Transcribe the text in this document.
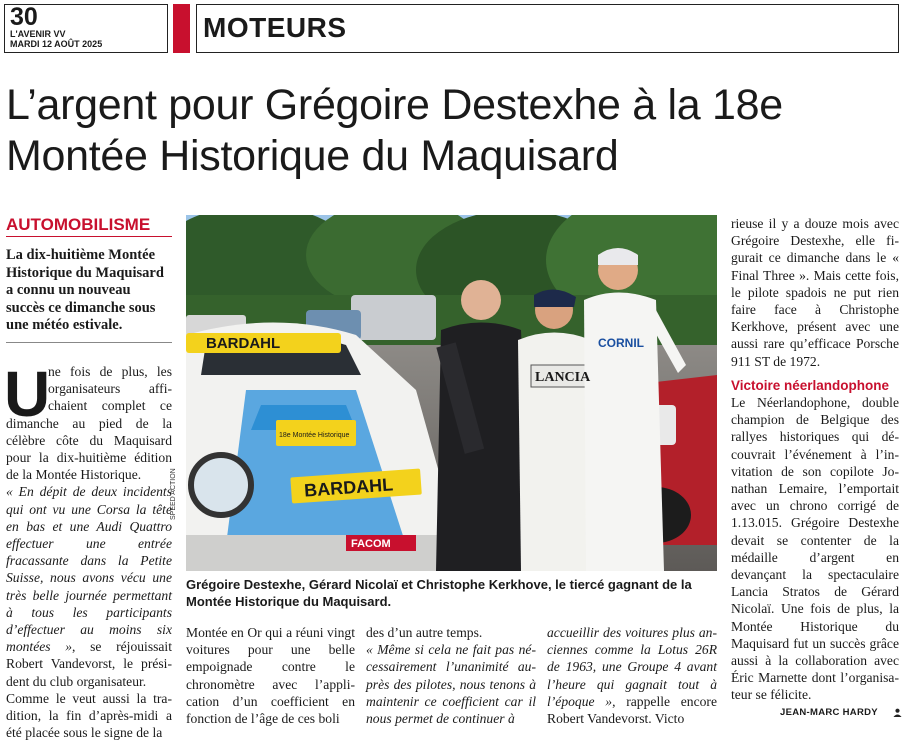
30
L'AVENIR VV
MARDI 12 AOÛT 2025
MOTEURS
L’argent pour Grégoire Destexhe à la 18e Montée Historique du Maquisard
AUTOMOBILISME

La dix-huitième Montée Historique du Maquisard a connu un nouveau succès ce dimanche sous une météo estivale.

U

ne fois de plus, les organisateurs affichaient complet ce dimanche au pied de la célèbre côte du Maquisard pour la dix-huitième édition de la Montée Historique.

« En dépit de deux incidents qui ont vu une Corsa la tête en bas et une Audi Quattro effectuer une entrée fracassante dans la Petite Suisse, nous avons vécu une très belle journée permettant à tous les participants d’effectuer au moins six montées », se réjouissait Robert Vandevorst, le président du club organisateur.

Comme le veut aussi la tradition, la fin d’après-midi a été placée sous le signe de la

BARDAHL
18e Montée Historique
BARDAHL
LANCIA
CORNIL
FACOM
SPEED ACTION

Grégoire Destexhe, Gérard Nicolaï et Christophe Kerkhove, le tiercé gagnant de la Montée Historique du Maquisard.

Montée en Or qui a réuni vingt voitures pour une belle empoignade contre le chronomètre avec l’application d’un coefficient en fonction de l’âge de ces boli

des d’un autre temps.

« Même si cela ne fait pas nécessairement l’unanimité auprès des pilotes, nous tenons à maintenir ce coefficient car il nous permet de continuer à

accueillir des voitures plus anciennes comme la Lotus 26R de 1963, une Groupe 4 avant l’heure qui gagnait tout à l’époque », rappelle encore Robert Vandevorst. Victo

rieuse il y a douze mois avec Grégoire Destexhe, elle figurait ce dimanche dans le « Final Three ». Mais cette fois, le pilote spadois ne put rien faire face à Christophe Kerkhove, présent avec une aussi rare qu’efficace Porsche 911 ST de 1972.

Victoire néerlandophone

Le Néerlandophone, double champion de Belgique des rallyes historiques qui découvrait l’événement à l’invitation de son copilote Jonathan Lemaire, l’emportait avec un chrono corrigé de 1.13.015. Grégoire Destexhe devait se contenter de la médaille d’argent en devançant la spectaculaire Lancia Stratos de Gérard Nicolaï. Une fois de plus, la Montée Historique du Maquisard fut un succès grâce aussi à la collaboration avec Éric Marnette dont l’organisateur se félicite.

JEAN-MARC HARDY
